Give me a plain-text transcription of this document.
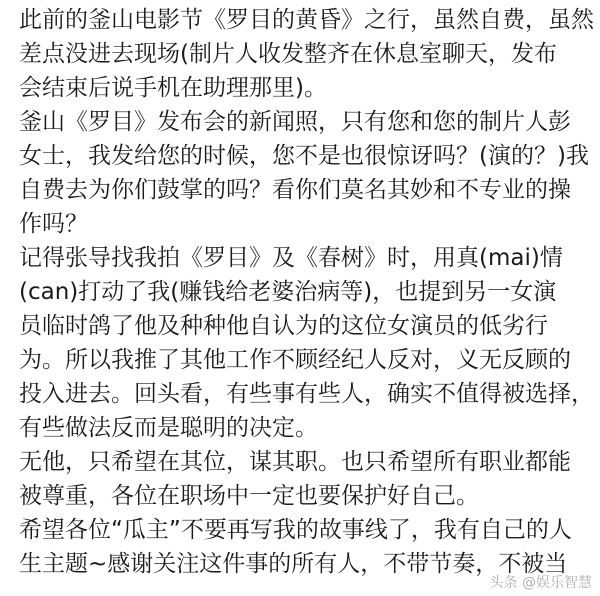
此前的釜山电影节《罗目的黄昏》之行，虽然自费，虽然
差点没进去现场(制片人收发整齐在休息室聊天，发布
会结束后说手机在助理那里)。
釜山《罗目》发布会的新闻照，只有您和您的制片人彭
女士，我发给您的时候，您不是也很惊讶吗？(演的？)我
自费去为你们鼓掌的吗？看你们莫名其妙和不专业的操
作吗？
记得张导找我拍《罗目》及《春树》时，用真(mai)情
(can)打动了我(赚钱给老婆治病等)，也提到另一女演
员临时鸽了他及种种他自认为的这位女演员的低劣行
为。所以我推了其他工作不顾经纪人反对，义无反顾的
投入进去。回头看，有些事有些人，确实不值得被选择，
有些做法反而是聪明的决定。
无他，只希望在其位，谋其职。也只希望所有职业都能
被尊重，各位在职场中一定也要保护好自己。
希望各位“瓜主”不要再写我的故事线了，我有自己的人
生主题~感谢关注这件事的所有人，不带节奏，不被当
头条 @娱乐智慧
